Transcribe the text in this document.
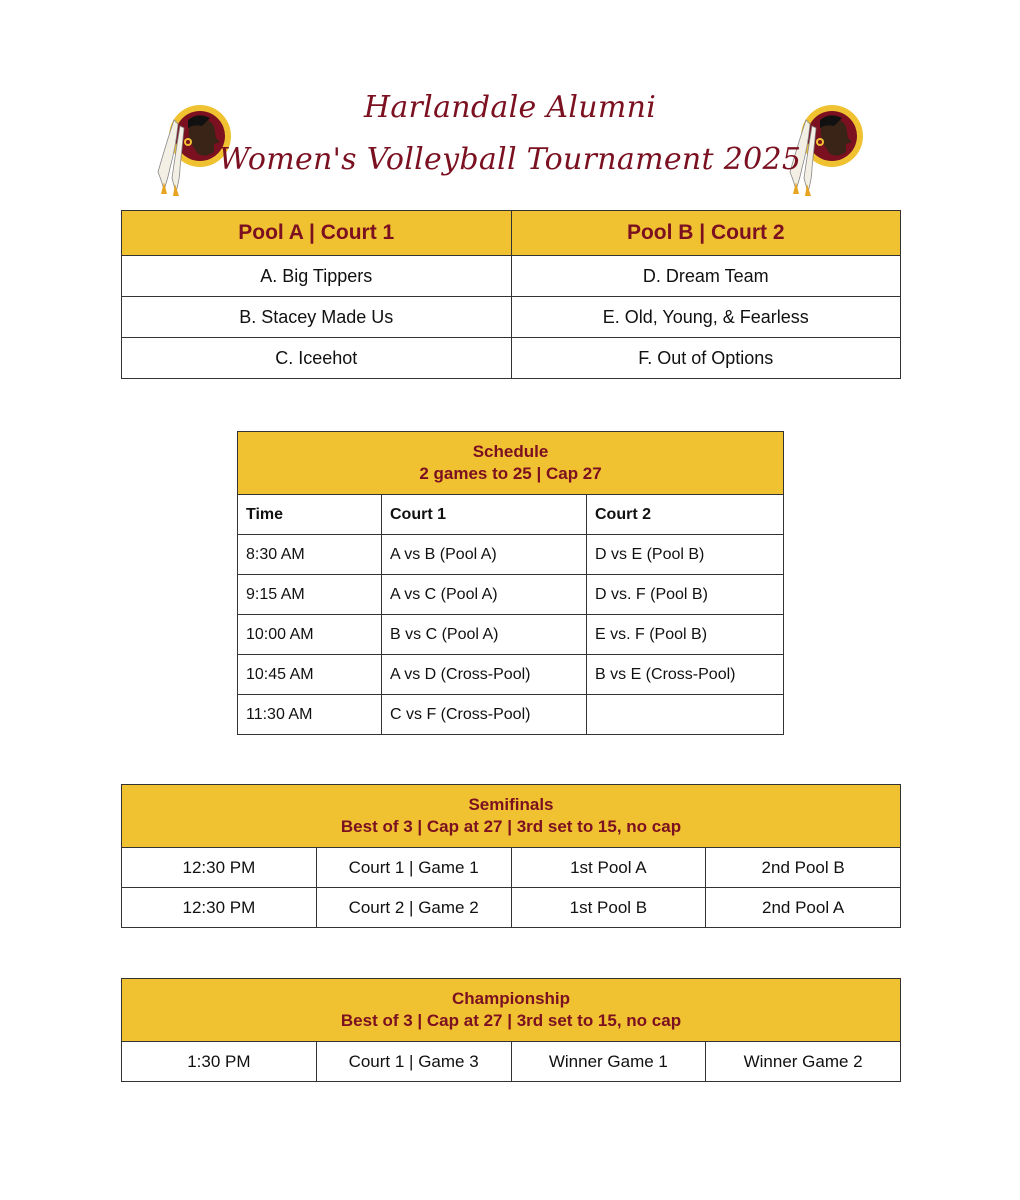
Harlandale Alumni
Women's Volleyball Tournament 2025
Pool A | Court 1	Pool B | Court 2
A. Big Tippers	D. Dream Team
B. Stacey Made Us	E. Old, Young, & Fearless
C. Iceehot	F. Out of Options
Schedule
2 games to 25 | Cap 27		

Time	Court 1	Court 2
8:30 AM	A vs B (Pool A)	D vs E (Pool B)
9:15 AM	A vs C (Pool A)	D vs. F (Pool B)
10:00 AM	B vs C (Pool A)	E vs. F (Pool B)
10:45 AM	A vs D (Cross-Pool)	B vs E (Cross-Pool)
11:30 AM	C vs F (Cross-Pool)	
Semifinals
Best of 3 | Cap at 27 | 3rd set to 15, no cap			

12:30 PM	Court 1 | Game 1	1st Pool A	2nd Pool B
12:30 PM	Court 2 | Game 2	1st Pool B	2nd Pool A
Championship
Best of 3 | Cap at 27 | 3rd set to 15, no cap

1:30 PM	Court 1 | Game 3	Winner Game 1	Winner Game 2
